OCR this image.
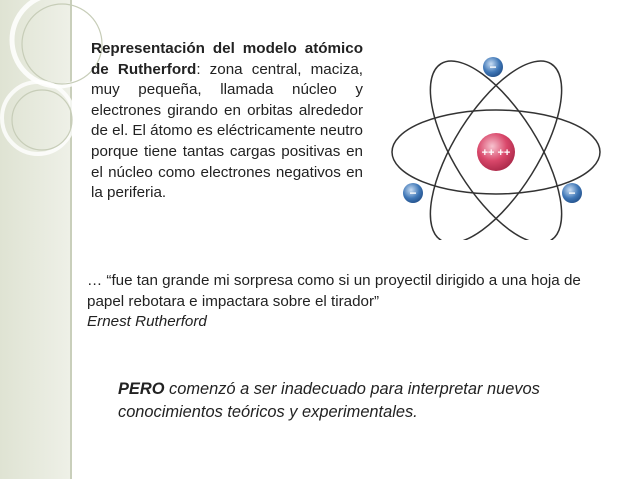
Representación del modelo atómico de Rutherford: zona central, maciza, muy pequeña, llamada núcleo y electrones girando en orbitas alrededor de el. El átomo es eléctricamente neutro porque tiene tantas cargas positivas en el núcleo como electrones negativos en la periferia.
++ ++
−
−	−
… “fue tan grande mi sorpresa como si un proyectil dirigido a una hoja de papel rebotara e impactara sobre el tirador”
Ernest Rutherford
PERO comenzó a ser inadecuado para interpretar nuevos conocimientos teóricos y experimentales.
